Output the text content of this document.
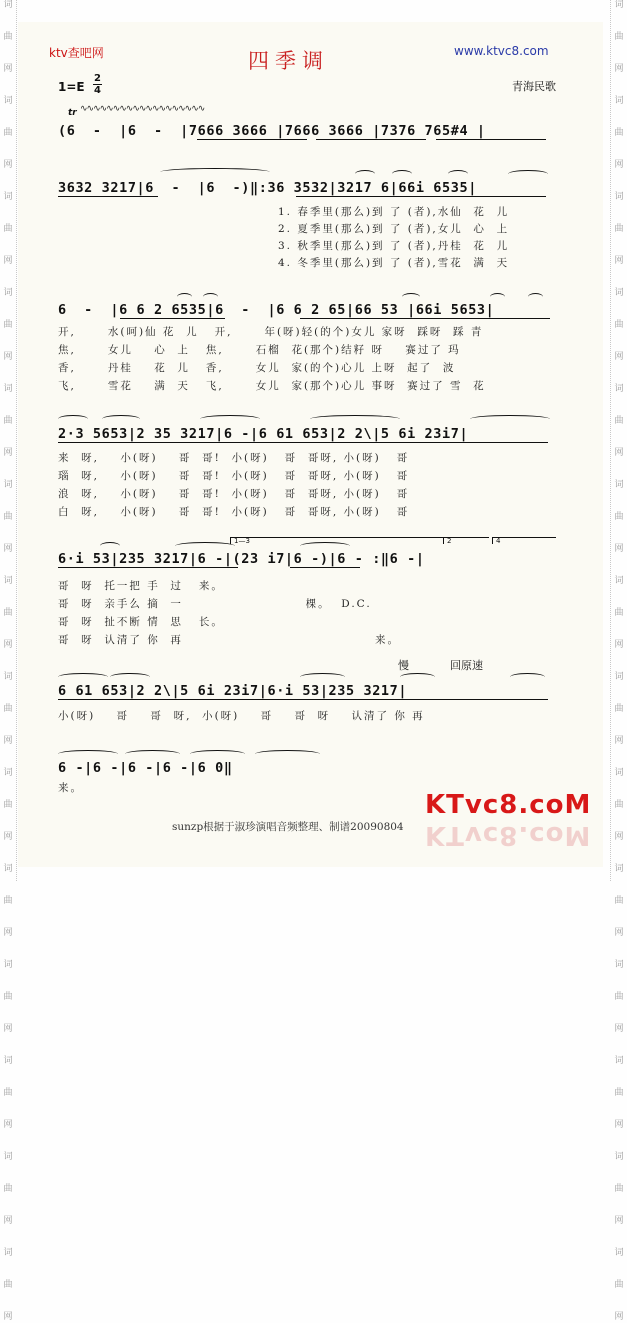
词
曲
网
词
曲
网
词
曲
网
词
曲
网
词
曲
网
词
曲
网
词
曲
网
词
曲
网
词
曲
网
词
曲
网
词
曲
网
词
曲
网
词
曲
网
词
曲
网
词
曲
网
词
曲
网
词
曲
网
词
曲
网
词
曲
网
词
曲
网
词
曲
网
词
曲
网
词
曲
网
词
曲
网
词
曲
网
词
曲
网
词
曲
网
词
曲
网
ktv查吧网	四季调	www.ktvc8.com
1=E
2
4	青海民歌
∿∿∿∿∿∿∿∿∿∿∿∿∿∿∿∿∿∿∿
tr
(6  -  |6  -  |7666 3666 |7666 3666 |7376 765#4 |
3632 3217|6  -  |6  -)‖:36 3532|3217 6|66i 6535|
1. 春季里(那么)到 了 (者),水仙  花  儿
2. 夏季里(那么)到 了 (者),女儿  心  上
3. 秋季里(那么)到 了 (者),丹桂  花  儿
4. 冬季里(那么)到 了 (者),雪花  满  天
6  -  |6 6 2 6535|6  -  |6 6 2 65|66 53 |66i 5653|
开,      水(呵)仙 花  儿   开,      年(呀)轻(的个)女儿 家呀  踩呀  踩 青
焦,      女儿    心  上   焦,      石榴  花(那个)结籽 呀    赛过了 玛
香,      丹桂    花  儿   香,      女儿  家(的个)心儿 上呀  起了  波
飞,      雪花    满  天   飞,      女儿  家(那个)心儿 事呀  赛过了 雪  花
2·3 5653|2 35 3217|6 -|6 61 653|2 2\|5 6i 23i7|
来  呀,    小(呀)    哥  哥!  小(呀)   哥  哥呀, 小(呀)   哥
瑙  呀,    小(呀)    哥  哥!  小(呀)   哥  哥呀, 小(呀)   哥
浪  呀,    小(呀)    哥  哥!  小(呀)   哥  哥呀, 小(呀)   哥
白  呀,    小(呀)    哥  哥!  小(呀)   哥  哥呀, 小(呀)   哥
1—3	2	4
6·i 53|235 3217|6 -|(23 i7|6 -)|6 - :‖6 -|
哥  呀  托一把 手  过   来。
哥  呀  亲手么 摘  一                       棵。  D.C.
哥  呀  扯不断 情  思   长。
哥  呀  认清了 你  再                                    来。
慢	回原速
6 61 653|2 2\|5 6i 23i7|6·i 53|235 3217|
小(呀)    哥    哥  呀,  小(呀)    哥    哥  呀    认清了 你 再
6 -|6 -|6 -|6 -|6 0‖
来。
sunzp根据于淑珍演唱音频整理、制谱20090804
KTvc8.coM
KTvc8.coM
